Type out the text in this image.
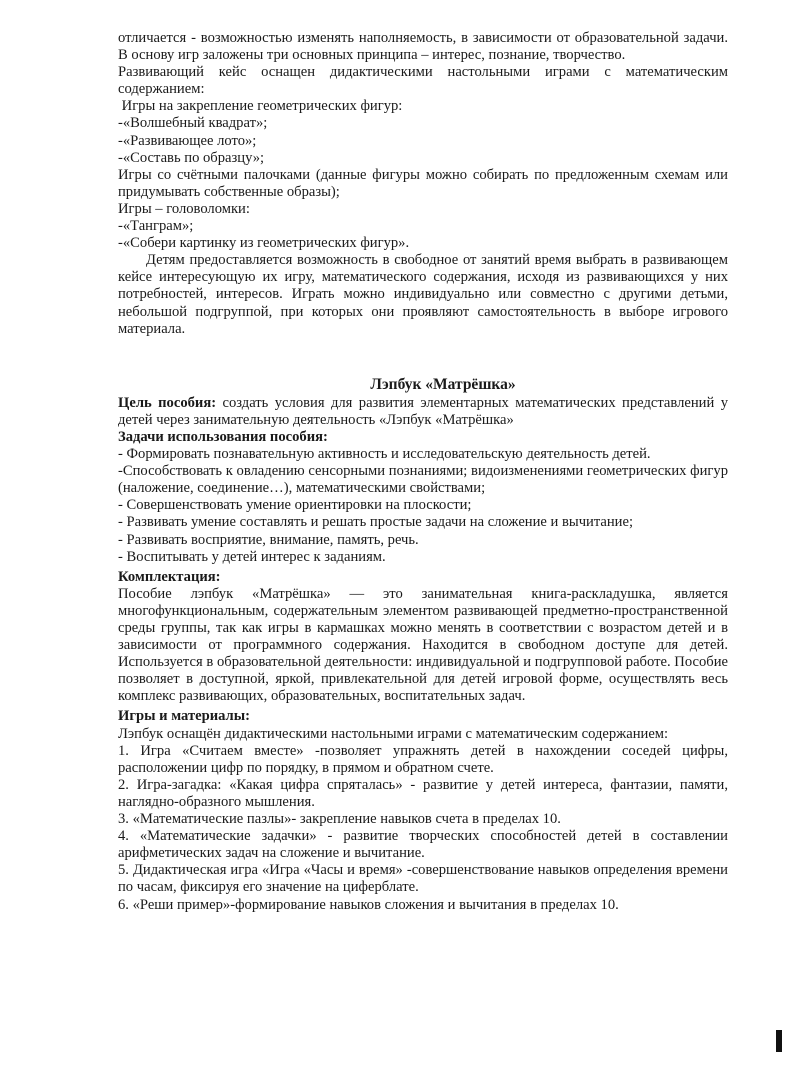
отличается - возможностью изменять наполняемость, в зависимости от образовательной задачи. В основу игр заложены три основных принципа – интерес, познание, творчество.

Развивающий кейс оснащен дидактическими настольными играми с математическим содержанием:

Игры на закрепление геометрических фигур:

-«Волшебный квадрат»;

-«Развивающее лото»;

-«Составь по образцу»;

Игры со счётными палочками (данные фигуры можно собирать по предложенным схемам или придумывать собственные образы);

Игры – головоломки:

-«Танграм»;

-«Собери картинку из геометрических фигур».

Детям предоставляется возможность в свободное от занятий время выбрать в развивающем кейсе интересующую их игру, математического содержания, исходя из развивающихся у них потребностей, интересов. Играть можно индивидуально или совместно с другими детьми, небольшой подгруппой, при которых они проявляют самостоятельность в выборе игрового материала.

Лэпбук «Матрёшка»

Цель пособия: создать условия для развития элементарных математических представлений у детей через занимательную деятельность «Лэпбук «Матрёшка»

Задачи использования пособия:

- Формировать познавательную активность и исследовательскую деятельность детей.

-Способствовать к овладению сенсорными познаниями; видоизменениями геометрических фигур (наложение, соединение…), математическими свойствами;

- Совершенствовать умение ориентировки на плоскости;

- Развивать умение составлять и решать простые задачи на сложение и вычитание;

- Развивать восприятие, внимание, память, речь.

- Воспитывать у детей интерес к заданиям.

Комплектация:

Пособие лэпбук «Матрёшка» — это занимательная книга-раскладушка, является многофункциональным, содержательным элементом развивающей предметно-пространственной среды группы, так как игры в кармашках можно менять в соответствии с возрастом детей и в зависимости от программного содержания. Находится в свободном доступе для детей. Используется в образовательной деятельности: индивидуальной и подгрупповой работе. Пособие позволяет в доступной, яркой, привлекательной для детей игровой форме, осуществлять весь комплекс развивающих, образовательных, воспитательных задач.

Игры и материалы:

Лэпбук оснащён дидактическими настольными играми с математическим содержанием:

1. Игра «Считаем вместе» -позволяет упражнять детей в нахождении соседей цифры, расположении цифр по порядку, в прямом и обратном счете.

2. Игра-загадка: «Какая цифра спряталась» - развитие у детей интереса, фантазии, памяти, наглядно-образного мышления.

3. «Математические пазлы»- закрепление навыков счета в пределах 10.

4. «Математические задачки» - развитие творческих способностей детей в составлении арифметических задач на сложение и вычитание.

5. Дидактическая игра «Игра «Часы и время» -совершенствование навыков определения времени по часам, фиксируя его значение на циферблате.

6. «Реши пример»-формирование навыков сложения и вычитания в пределах 10.
